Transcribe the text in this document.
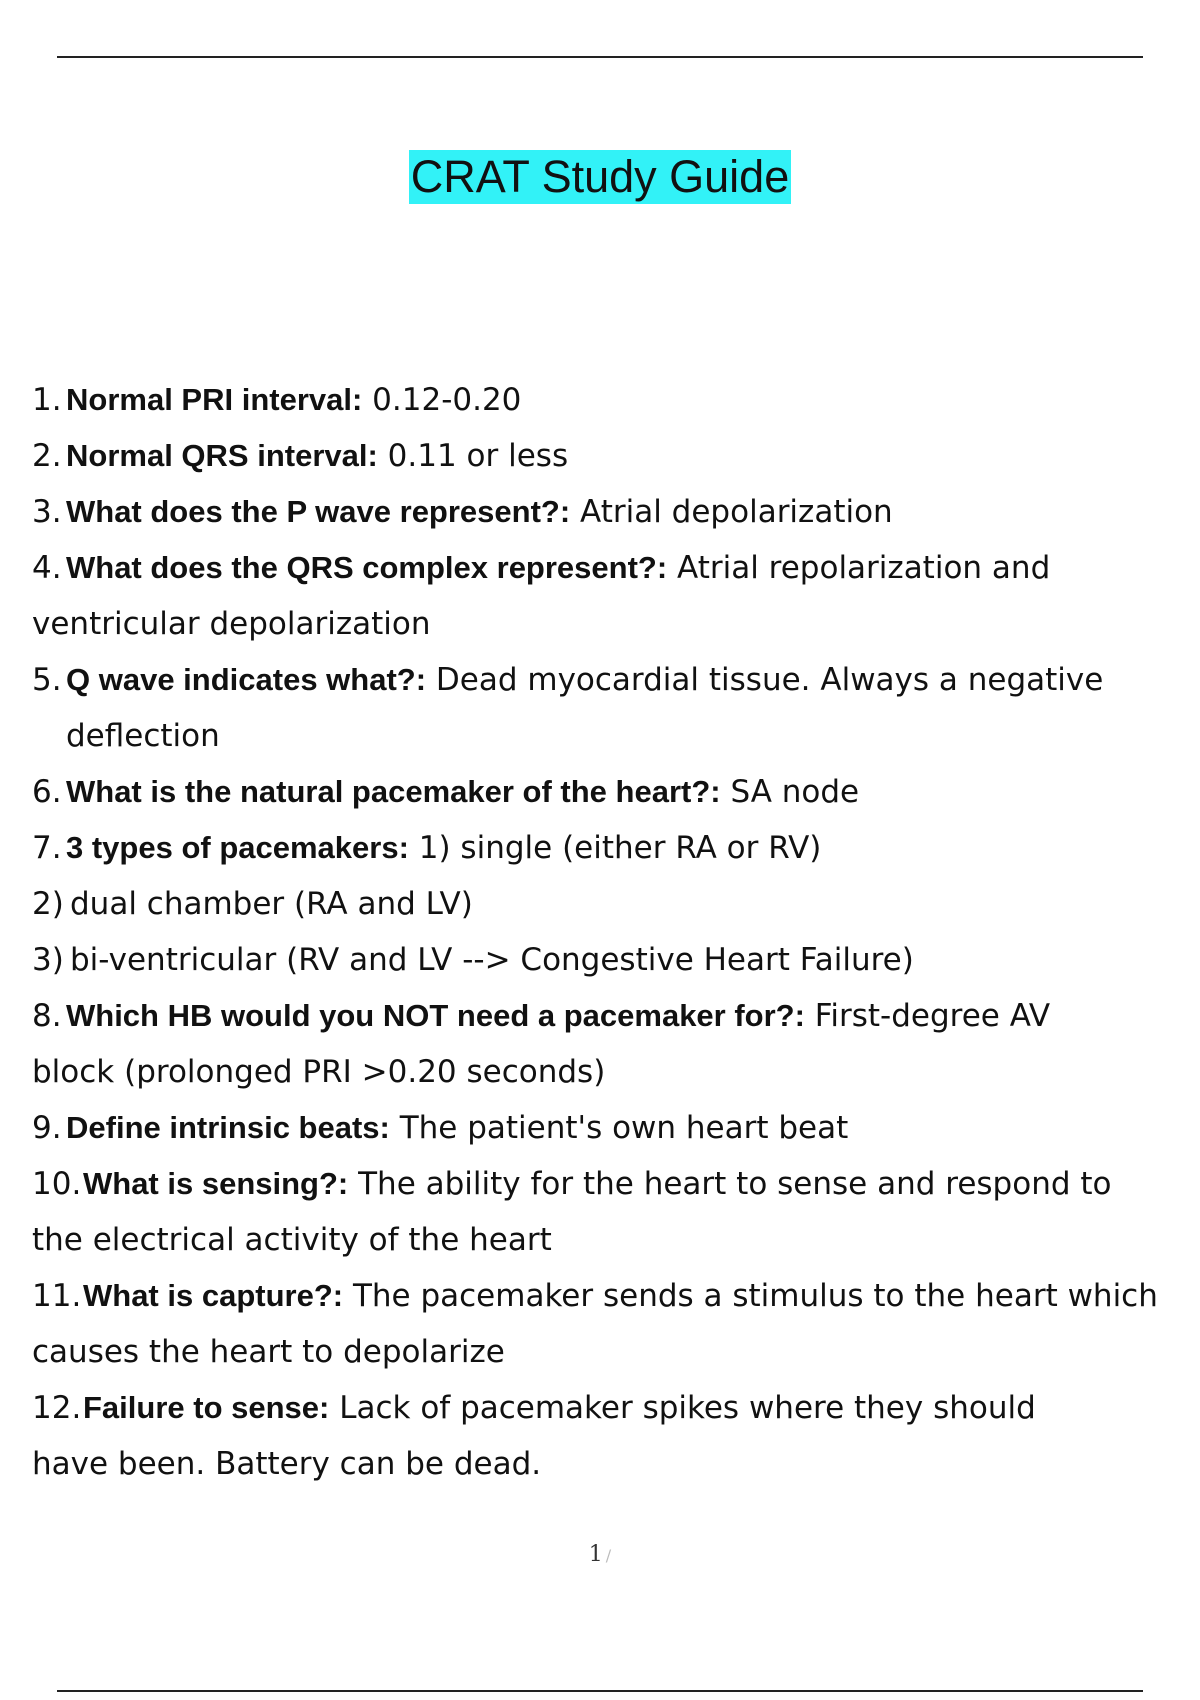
CRAT Study Guide
1. Normal PRI interval: 0.12-0.20
2. Normal QRS interval: 0.11 or less
3. What does the P wave represent?: Atrial depolarization
4. What does the QRS complex represent?: Atrial repolarization and
ventricular depolarization
5. Q wave indicates what?: Dead myocardial tissue. Always a negative
deflection
6. What is the natural pacemaker of the heart?: SA node
7. 3 types of pacemakers: 1) single (either RA or RV)
2) dual chamber (RA and LV)
3) bi-ventricular (RV and LV --> Congestive Heart Failure)
8. Which HB would you NOT need a pacemaker for?: First-degree AV
block (prolonged PRI >0.20 seconds)
9. Define intrinsic beats: The patient's own heart beat
10.What is sensing?: The ability for the heart to sense and respond to
the electrical activity of the heart
11.What is capture?: The pacemaker sends a stimulus to the heart which
causes the heart to depolarize
12.Failure to sense: Lack of pacemaker spikes where they should
have been. Battery can be dead.
1 /
